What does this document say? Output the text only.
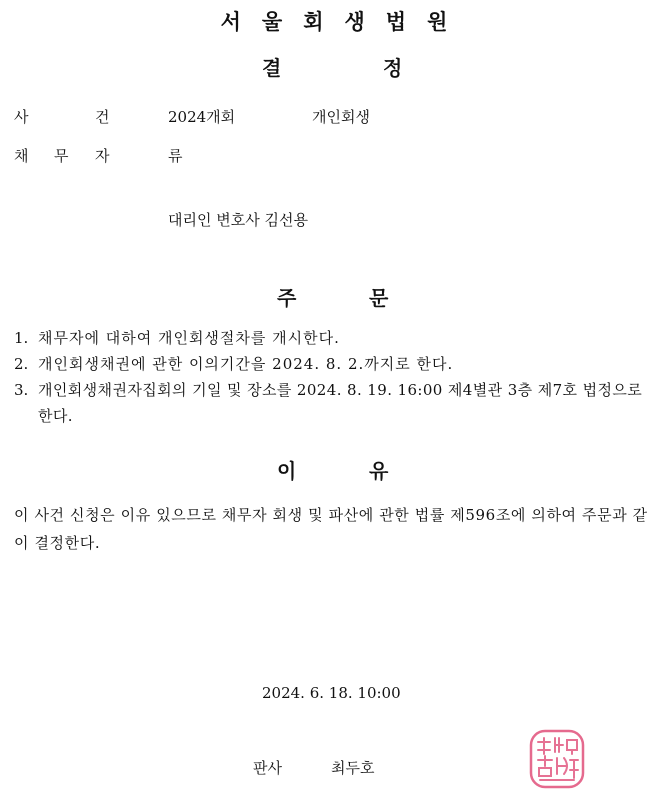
서울회생법원
결	정
사	건	2024개회	개인회생
채 무 자	류
대리인 변호사 김선용
주	문
1. 채무자에 대하여 개인회생절차를 개시한다.
2. 개인회생채권에 관한 이의기간을 2024. 8. 2.까지로 한다.
3. 개인회생채권자집회의 기일 및 장소를 2024. 8. 19. 16:00 제4별관 3층 제7호 법정으로 한다.
이	유
이 사건 신청은 이유 있으므로 채무자 회생 및 파산에 관한 법률 제596조에 의하여 주문과 같이 결정한다.
2024. 6. 18. 10:00
판사	최두호
